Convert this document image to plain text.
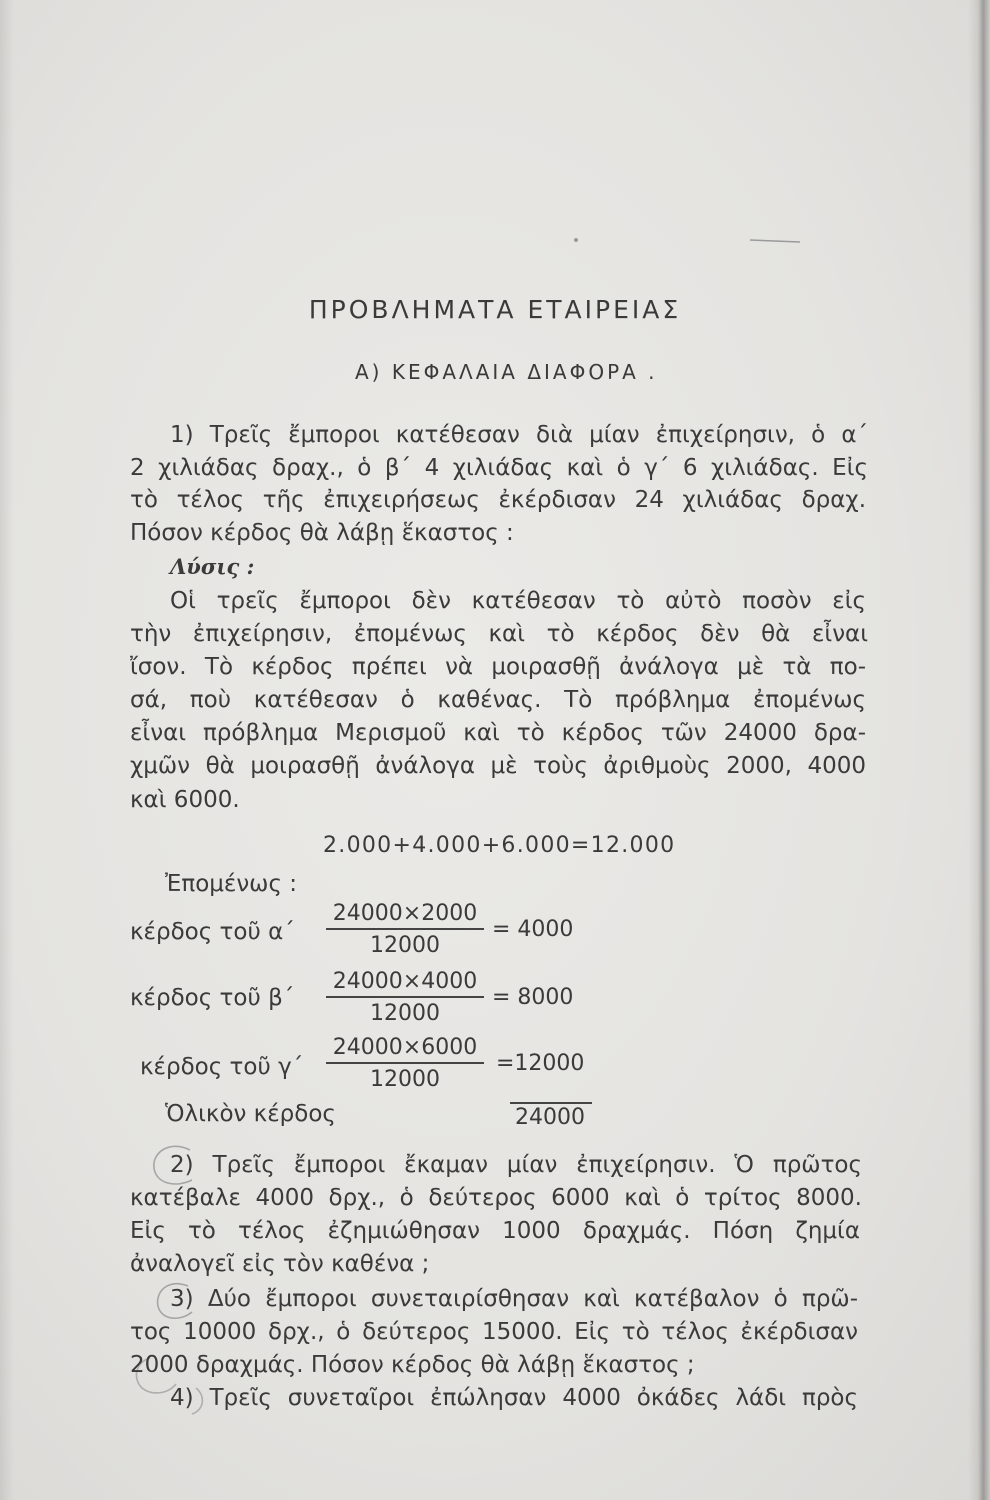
ΠΡΟΒΛΗΜΑΤΑ ΕΤΑΙΡΕΙΑΣ
Α) ΚΕΦΑΛΑΙΑ ΔΙΑΦΟΡΑ .
1) Τρεῖς ἔμποροι κατέθεσαν διὰ μίαν ἐπιχείρησιν, ὁ α΄
2 χιλιάδας δραχ., ὁ β΄ 4 χιλιάδας καὶ ὁ γ΄ 6 χιλιάδας. Εἰς
τὸ τέλος τῆς ἐπιχειρήσεως ἐκέρδισαν 24 χιλιάδας δραχ.
Πόσον κέρδος θὰ λάβῃ ἕκαστος :
Λύσις :
Οἱ τρεῖς ἔμποροι δὲν κατέθεσαν τὸ αὐτὸ ποσὸν εἰς
τὴν ἐπιχείρησιν, ἐπομένως καὶ τὸ κέρδος δὲν θὰ εἶναι
ἴσον. Τὸ κέρδος πρέπει νὰ μοιρασθῇ ἀνάλογα μὲ τὰ πο-
σά, ποὺ κατέθεσαν ὁ καθένας. Τὸ πρόβλημα ἐπομένως
εἶναι πρόβλημα Μερισμοῦ καὶ τὸ κέρδος τῶν 24000 δρα-
χμῶν θὰ μοιρασθῇ ἀνάλογα μὲ τοὺς ἀριθμοὺς 2000, 4000
καὶ 6000.
2.000+4.000+6.000=12.000
Ἐπομένως :
κέρδος τοῦ α΄
24000×2000
12000
= 4000
κέρδος τοῦ β΄
24000×4000
12000
= 8000
κέρδος τοῦ γ΄
24000×6000
12000
=12000
Ὁλικὸν κέρδος	24000
2) Τρεῖς ἔμποροι ἔκαμαν μίαν ἐπιχείρησιν. Ὁ πρῶτος
κατέβαλε 4000 δρχ., ὁ δεύτερος 6000 καὶ ὁ τρίτος 8000.
Εἰς τὸ τέλος ἐζημιώθησαν 1000 δραχμάς. Πόση ζημία
ἀναλογεῖ εἰς τὸν καθένα ;
3) Δύο ἔμποροι συνεταιρίσθησαν καὶ κατέβαλον ὁ πρῶ-
τος 10000 δρχ., ὁ δεύτερος 15000. Εἰς τὸ τέλος ἐκέρδισαν
2000 δραχμάς. Πόσον κέρδος θὰ λάβῃ ἕκαστος ;
4) Τρεῖς συνεταῖροι ἐπώλησαν 4000 ὀκάδες λάδι πρὸς
